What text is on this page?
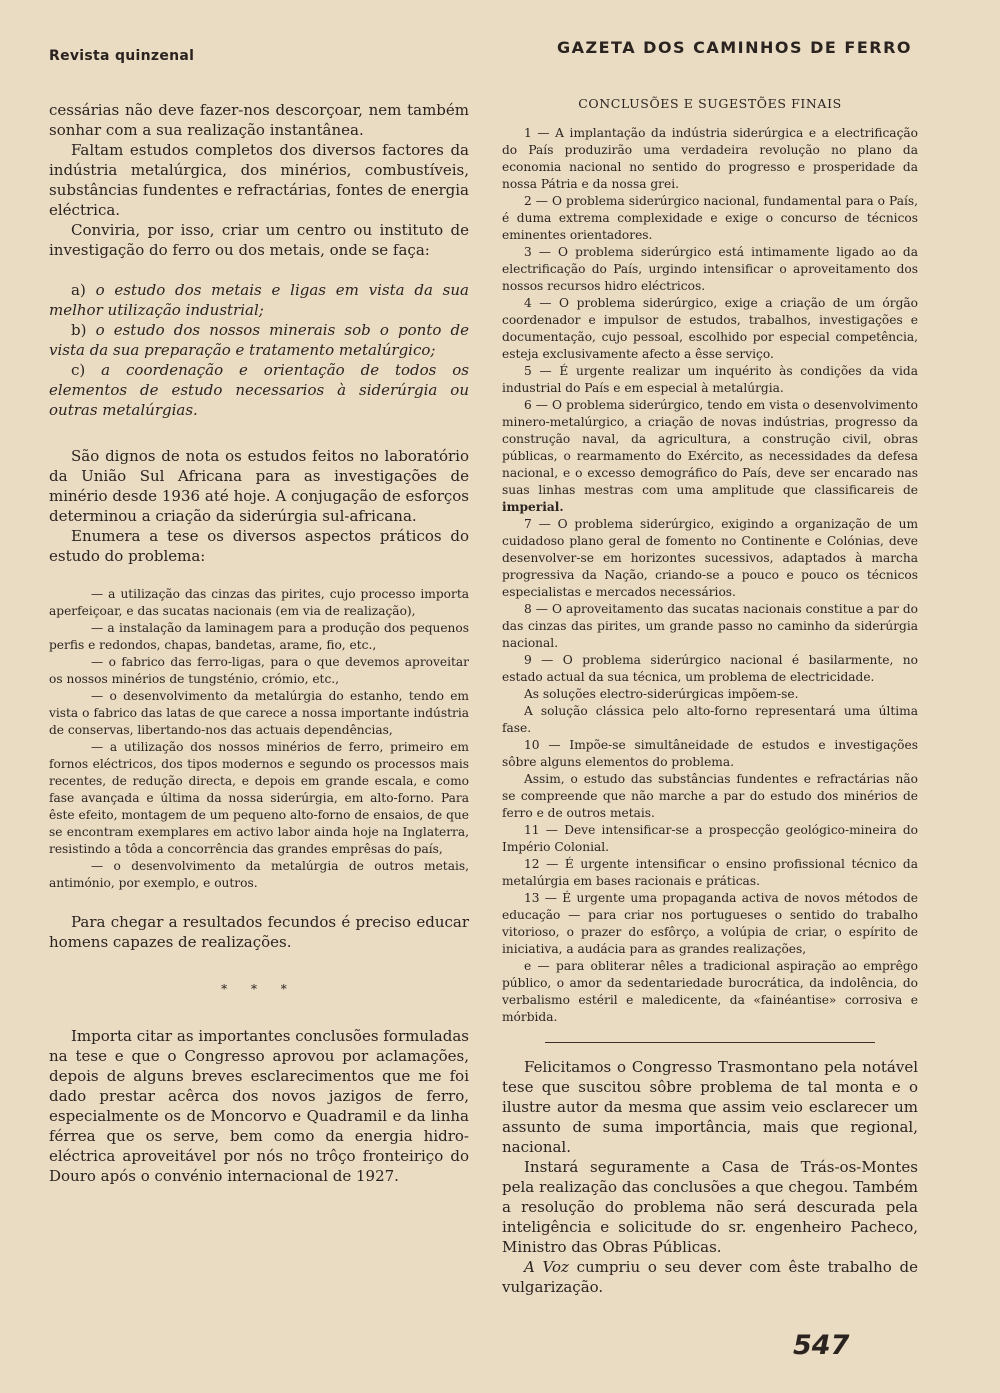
Revista quinzenal	GAZETA DOS CAMINHOS DE FERRO

cessárias não deve fazer-nos descorçoar, nem também sonhar com a sua realização instantânea.

Faltam estudos completos dos diversos factores da indústria metalúrgica, dos minérios, combustíveis, substâncias fundentes e refractárias, fontes de energia eléctrica.

Conviria, por isso, criar um centro ou instituto de investigação do ferro ou dos metais, onde se faça:

a) o estudo dos metais e ligas em vista da sua melhor utilização industrial;

b) o estudo dos nossos minerais sob o ponto de vista da sua preparação e tratamento metalúrgico;

c) a coordenação e orientação de todos os elementos de estudo necessarios à siderúrgia ou outras metalúrgias.

São dignos de nota os estudos feitos no laboratório da União Sul Africana para as investigações de minério desde 1936 até hoje. A conjugação de esforços determinou a criação da siderúrgia sul-africana.

Enumera a tese os diversos aspectos práticos do estudo do problema:

— a utilização das cinzas das pirites, cujo processo importa aperfeiçoar, e das sucatas nacionais (em via de realização),

— a instalação da laminagem para a produção dos pequenos perfis e redondos, chapas, bandetas, arame, fio, etc.,

— o fabrico das ferro-ligas, para o que devemos aproveitar os nossos minérios de tungsténio, crómio, etc.,

— o desenvolvimento da metalúrgia do estanho, tendo em vista o fabrico das latas de que carece a nossa importante indústria de conservas, libertando-nos das actuais dependências,

— a utilização dos nossos minérios de ferro, primeiro em fornos eléctricos, dos tipos modernos e segundo os processos mais recentes, de redução directa, e depois em grande escala, e como fase avançada e última da nossa siderúrgia, em alto-forno. Para êste efeito, montagem de um pequeno alto-forno de ensaios, de que se encontram exemplares em activo labor ainda hoje na Inglaterra, resistindo a tôda a concorrência das grandes emprêsas do país,

— o desenvolvimento da metalúrgia de outros metais, antimónio, por exemplo, e outros.

Para chegar a resultados fecundos é preciso educar homens capazes de realizações.

* * *

Importa citar as importantes conclusões formuladas na tese e que o Congresso aprovou por aclamações, depois de alguns breves esclarecimentos que me foi dado prestar acêrca dos novos jazigos de ferro, especialmente os de Moncorvo e Quadramil e da linha férrea que os serve, bem como da energia hidro-eléctrica aproveitável por nós no trôço fronteiriço do Douro após o convénio internacional de 1927.

CONCLUSÕES E SUGESTÕES FINAIS

1 — A implantação da indústria siderúrgica e a electrificação do País produzirão uma verdadeira revolução no plano da economia nacional no sentido do progresso e prosperidade da nossa Pátria e da nossa grei.

2 — O problema siderúrgico nacional, fundamental para o País, é duma extrema complexidade e exige o concurso de técnicos eminentes orientadores.

3 — O problema siderúrgico está intimamente ligado ao da electrificação do País, urgindo intensificar o aproveitamento dos nossos recursos hidro eléctricos.

4 — O problema siderúrgico, exige a criação de um órgão coordenador e impulsor de estudos, trabalhos, investigações e documentação, cujo pessoal, escolhido por especial competência, esteja exclusivamente afecto a êsse serviço.

5 — É urgente realizar um inquérito às condições da vida industrial do País e em especial à metalúrgia.

6 — O problema siderúrgico, tendo em vista o desenvolvimento minero-metalúrgico, a criação de novas indústrias, progresso da construção naval, da agricultura, a construção civil, obras públicas, o rearmamento do Exército, as necessidades da defesa nacional, e o excesso demográfico do País, deve ser encarado nas suas linhas mestras com uma amplitude que classificareis de imperial.

7 — O problema siderúrgico, exigindo a organização de um cuidadoso plano geral de fomento no Continente e Colónias, deve desenvolver-se em horizontes sucessivos, adaptados à marcha progressiva da Nação, criando-se a pouco e pouco os técnicos especialistas e mercados necessários.

8 — O aproveitamento das sucatas nacionais constitue a par do das cinzas das pirites, um grande passo no caminho da siderúrgia nacional.

9 — O problema siderúrgico nacional é basilarmente, no estado actual da sua técnica, um problema de electricidade.

As soluções electro-siderúrgicas impõem-se.

A solução clássica pelo alto-forno representará uma última fase.

10 — Impõe-se simultâneidade de estudos e investigações sôbre alguns elementos do problema.

Assim, o estudo das substâncias fundentes e refractárias não se compreende que não marche a par do estudo dos minérios de ferro e de outros metais.

11 — Deve intensificar-se a prospecção geológico-mineira do Império Colonial.

12 — É urgente intensificar o ensino profissional técnico da metalúrgia em bases racionais e práticas.

13 — É urgente uma propaganda activa de novos métodos de educação — para criar nos portugueses o sentido do trabalho vitorioso, o prazer do esfôrço, a volúpia de criar, o espírito de iniciativa, a audácia para as grandes realizações,

e — para obliterar nêles a tradicional aspiração ao emprêgo público, o amor da sedentariedade burocrática, da indolência, do verbalismo estéril e maledicente, da «fainéantise» corrosiva e mórbida.

Felicitamos o Congresso Trasmontano pela notável tese que suscitou sôbre problema de tal monta e o ilustre autor da mesma que assim veio esclarecer um assunto de suma importância, mais que regional, nacional.

Instará seguramente a Casa de Trás-os-Montes pela realização das conclusões a que chegou. Também a resolução do problema não será descurada pela inteligência e solicitude do sr. engenheiro Pacheco, Ministro das Obras Públicas.

A Voz cumpriu o seu dever com êste trabalho de vulgarização.

547
